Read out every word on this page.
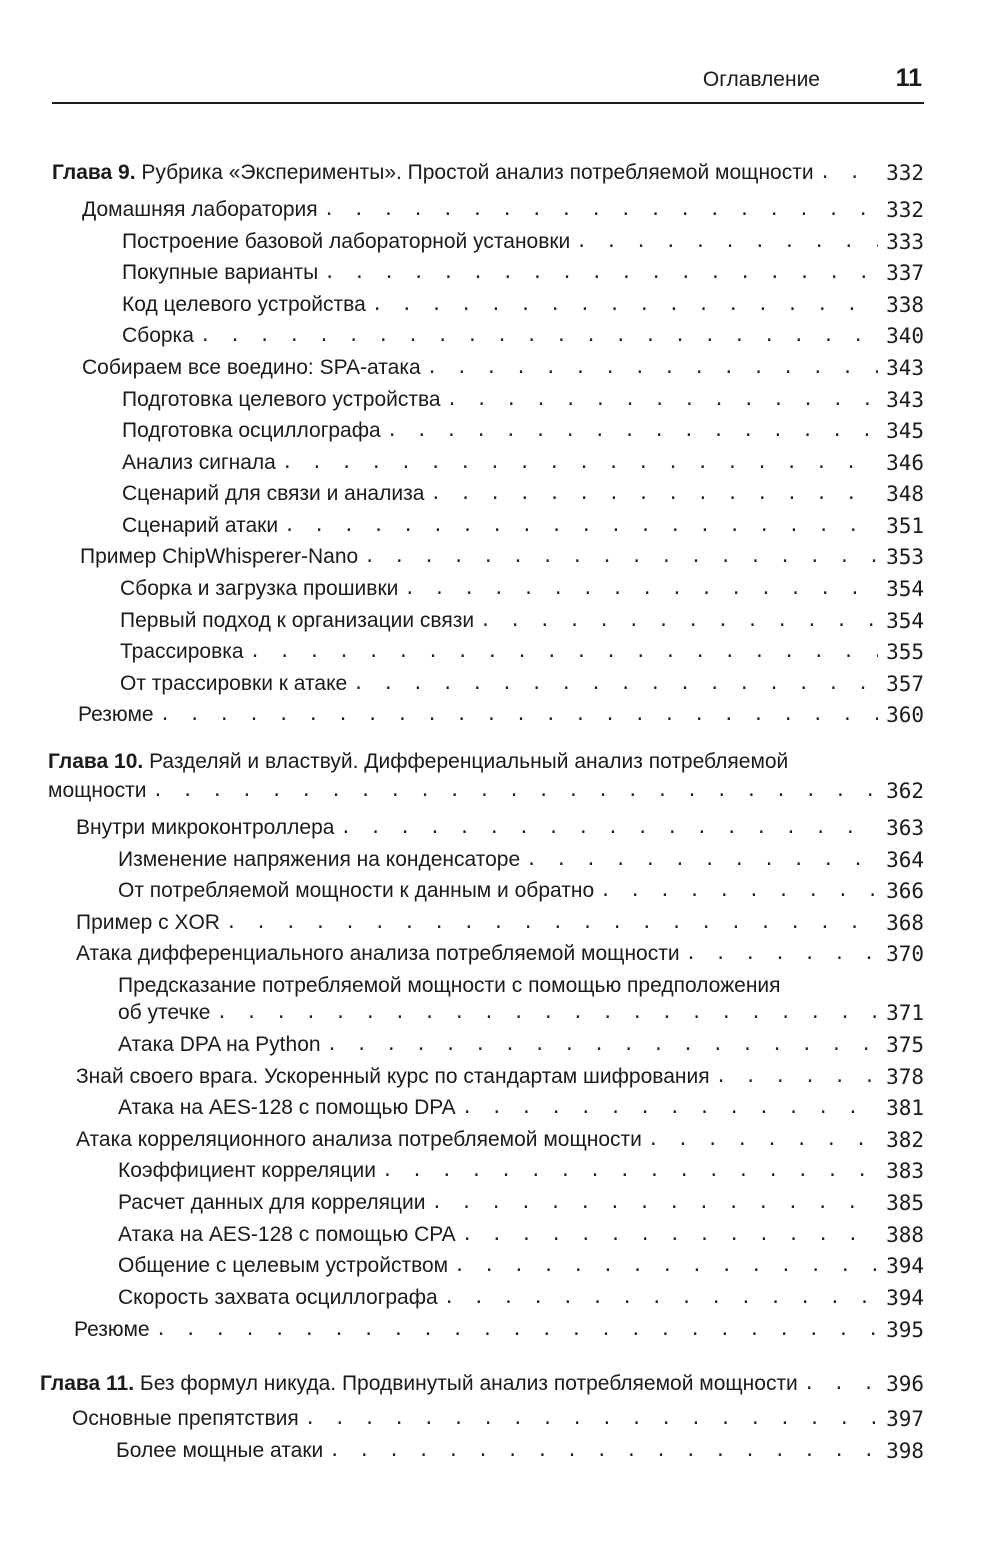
Оглавление	11
Глава 9. Рубрика «Эксперименты». Простой анализ потребляемой мощности . . .	332
Домашняя лаборатория . . .	332
Построение базовой лабораторной установки . . .	333
Покупные варианты . . .	337
Код целевого устройства . . .	338
Сборка . . .	340
Собираем все воедино: SPA-атака . . .	343
Подготовка целевого устройства . . .	343
Подготовка осциллографа . . .	345
Анализ сигнала . . .	346
Сценарий для связи и анализа . . .	348
Сценарий атаки . . .	351
Пример ChipWhisperer-Nano . . .	353
Сборка и загрузка прошивки . . .	354
Первый подход к организации связи . . .	354
Трассировка . . .	355
От трассировки к атаке . . .	357
Резюме . . .	360
Глава 10. Разделяй и властвуй. Дифференциальный анализ потребляемой
мощности . . .	362
Внутри микроконтроллера . . .	363
Изменение напряжения на конденсаторе . . .	364
От потребляемой мощности к данным и обратно . . .	366
Пример с XOR . . .	368
Атака дифференциального анализа потребляемой мощности . . .	370
Предсказание потребляемой мощности с помощью предположения
об утечке . . .	371
Атака DPA на Python . . .	375
Знай своего врага. Ускоренный курс по стандартам шифрования . . .	378
Атака на AES-128 с помощью DPA . . .	381
Атака корреляционного анализа потребляемой мощности . . .	382
Коэффициент корреляции . . .	383
Расчет данных для корреляции . . .	385
Атака на AES-128 с помощью CPA . . .	388
Общение с целевым устройством . . .	394
Скорость захвата осциллографа . . .	394
Резюме . . .	395
Глава 11. Без формул никуда. Продвинутый анализ потребляемой мощности . . .	396
Основные препятствия . . .	397
Более мощные атаки . . .	398
